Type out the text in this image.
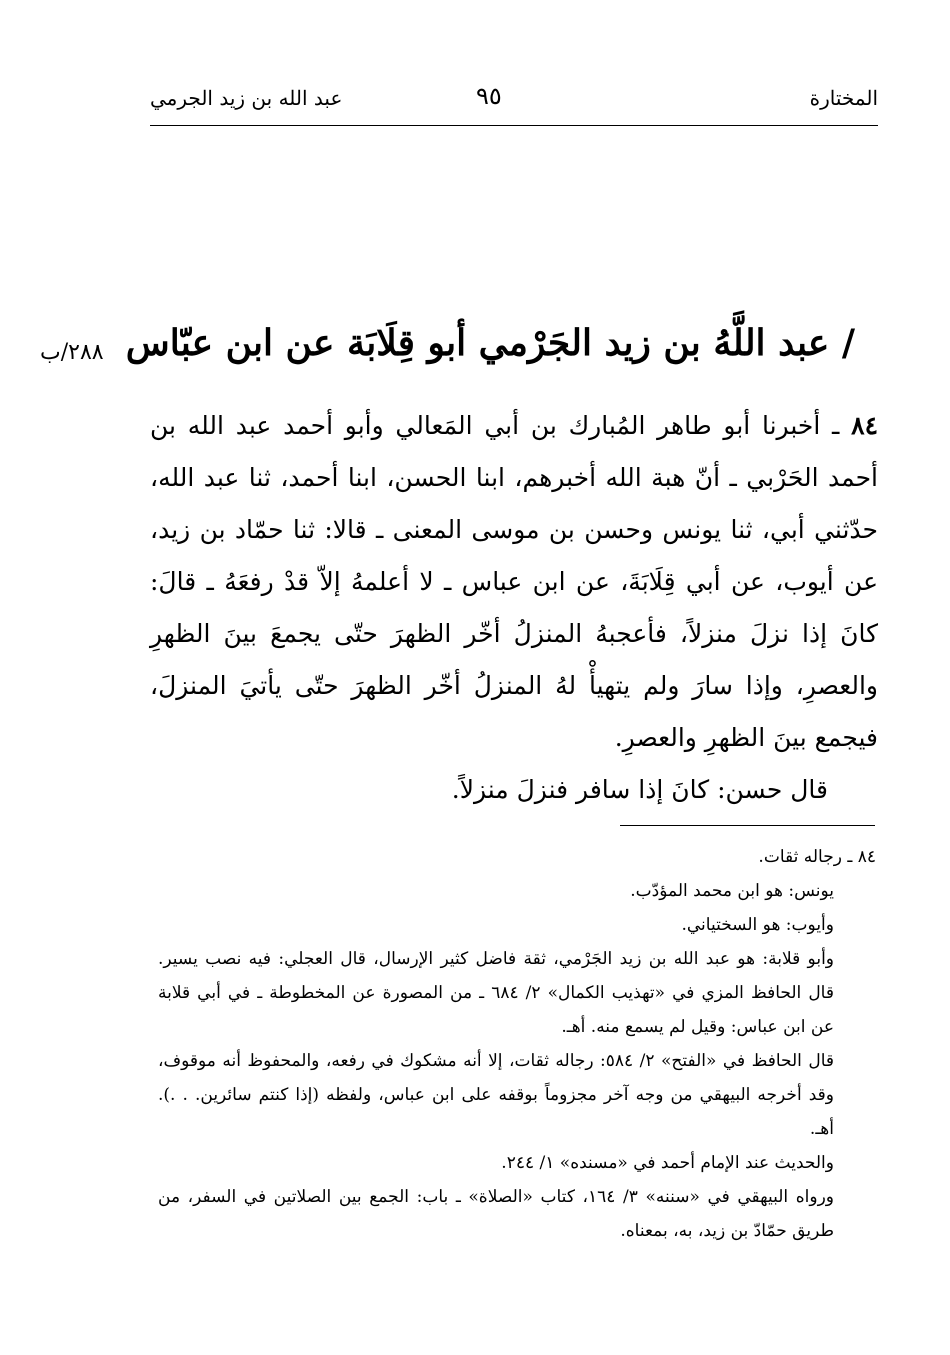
المختارة
٩٥
عبد الله بن زيد الجرمي
٢٨٨/ب / عبد اللَّهُ بن زيد الجَرْمي أبو قِلَابَة عن ابن عبّاس
٨٤ ـ أخبرنا أبو طاهر المُبارك بن أبي المَعالي وأبو أحمد عبد الله بن أحمد الحَرْبي ـ أنّ هبة الله أخبرهم، ابنا الحسن، ابنا أحمد، ثنا عبد الله، حدّثني أبي، ثنا يونس وحسن بن موسى المعنى ـ قالا: ثنا حمّاد بن زيد، عن أيوب، عن أبي قِلَابَةَ، عن ابن عباس ـ لا أعلمهُ إلاّ قدْ رفعَهُ ـ قالَ: كانَ إذا نزلَ منزلاً، فأعجبهُ المنزلُ أخّر الظهرَ حتّى يجمعَ بينَ الظهرِ والعصرِ، وإذا سارَ ولم يتهيأْ لهُ المنزلُ أخّر الظهرَ حتّى يأتيَ المنزلَ، فيجمع بينَ الظهرِ والعصرِ.
قال حسن: كانَ إذا سافر فنزلَ منزلاً.

٨٤ ـ رجاله ثقات.

يونس: هو ابن محمد المؤدّب.

وأيوب: هو السختياني.

وأبو قلابة: هو عبد الله بن زيد الجَرْمي، ثقة فاضل كثير الإرسال، قال العجلي: فيه نصب يسير. قال الحافظ المزي في «تهذيب الكمال» ٢/ ٦٨٤ ـ من المصورة عن المخطوطة ـ في أبي قلابة عن ابن عباس: وقيل لم يسمع منه. أهـ.

قال الحافظ في «الفتح» ٢/ ٥٨٤: رجاله ثقات، إلا أنه مشكوك في رفعه، والمحفوظ أنه موقوف، وقد أخرجه البيهقي من وجه آخر مجزوماً بوقفه على ابن عباس، ولفظه (إذا كنتم سائرين. . .). أهـ.

والحديث عند الإمام أحمد في «مسنده» ١/ ٢٤٤.

ورواه البيهقي في «سننه» ٣/ ١٦٤، كتاب «الصلاة» ـ باب: الجمع بين الصلاتين في السفر، من طريق حمّادّ بن زيد، به، بمعناه.
